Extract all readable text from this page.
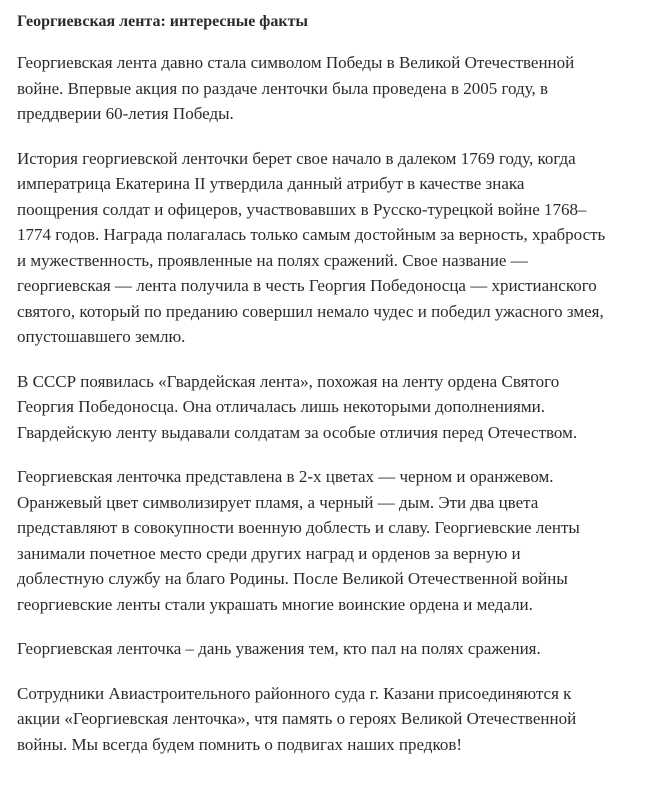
Георгиевская лента: интересные факты

Георгиевская лента давно стала символом Победы в Великой Отечественной
войне. Впервые акция по раздаче ленточки была проведена в 2005 году, в
преддверии 60-летия Победы.

История георгиевской ленточки берет свое начало в далеком 1769 году, когда
императрица Екатерина II утвердила данный атрибут в качестве знака
поощрения солдат и офицеров, участвовавших в Русско-турецкой войне 1768–
1774 годов. Награда полагалась только самым достойным за верность, храбрость
и мужественность, проявленные на полях сражений. Свое название —
георгиевская — лента получила в честь Георгия Победоносца — христианского
святого, который по преданию совершил немало чудес и победил ужасного змея,
опустошавшего землю.

В СССР появилась «Гвардейская лента», похожая на ленту ордена Святого
Георгия Победоносца. Она отличалась лишь некоторыми дополнениями.
Гвардейскую ленту выдавали солдатам за особые отличия перед Отечеством.

Георгиевская ленточка представлена в 2-х цветах — черном и оранжевом.
Оранжевый цвет символизирует пламя, а черный — дым. Эти два цвета
представляют в совокупности военную доблесть и славу. Георгиевские ленты
занимали почетное место среди других наград и орденов за верную и
доблестную службу на благо Родины. После Великой Отечественной войны
георгиевские ленты стали украшать многие воинские ордена и медали.

Георгиевская ленточка – дань уважения тем, кто пал на полях сражения.

Сотрудники Авиастроительного районного суда г. Казани присоединяются к
акции «Георгиевская ленточка», чтя память о героях Великой Отечественной
войны. Мы всегда будем помнить о подвигах наших предков!
